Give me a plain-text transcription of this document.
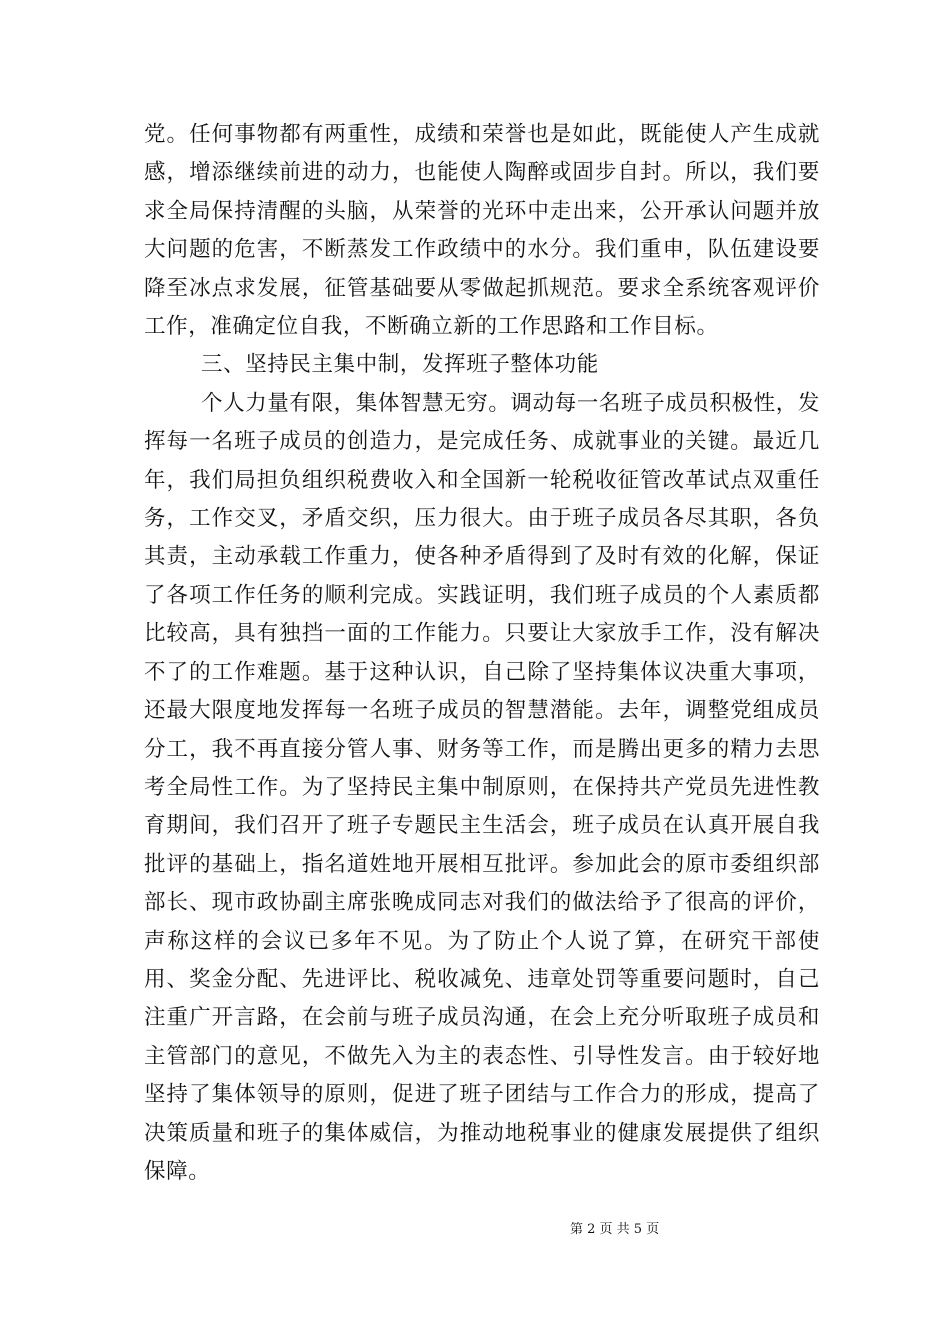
党。任何事物都有两重性，成绩和荣誉也是如此，既能使人产生成就感，增添继续前进的动力，也能使人陶醉或固步自封。所以，我们要求全局保持清醒的头脑，从荣誉的光环中走出来，公开承认问题并放大问题的危害，不断蒸发工作政绩中的水分。我们重申，队伍建设要降至冰点求发展，征管基础要从零做起抓规范。要求全系统客观评价工作，准确定位自我，不断确立新的工作思路和工作目标。

三、坚持民主集中制，发挥班子整体功能

个人力量有限，集体智慧无穷。调动每一名班子成员积极性，发挥每一名班子成员的创造力，是完成任务、成就事业的关键。最近几年，我们局担负组织税费收入和全国新一轮税收征管改革试点双重任务，工作交叉，矛盾交织，压力很大。由于班子成员各尽其职，各负其责，主动承载工作重力，使各种矛盾得到了及时有效的化解，保证了各项工作任务的顺利完成。实践证明，我们班子成员的个人素质都比较高，具有独挡一面的工作能力。只要让大家放手工作，没有解决不了的工作难题。基于这种认识，自己除了坚持集体议决重大事项，还最大限度地发挥每一名班子成员的智慧潜能。去年，调整党组成员分工，我不再直接分管人事、财务等工作，而是腾出更多的精力去思考全局性工作。为了坚持民主集中制原则，在保持共产党员先进性教育期间，我们召开了班子专题民主生活会，班子成员在认真开展自我批评的基础上，指名道姓地开展相互批评。参加此会的原市委组织部部长、现市政协副主席张晚成同志对我们的做法给予了很高的评价，声称这样的会议已多年不见。为了防止个人说了算，在研究干部使用、奖金分配、先进评比、税收减免、违章处罚等重要问题时，自己注重广开言路，在会前与班子成员沟通，在会上充分听取班子成员和主管部门的意见，不做先入为主的表态性、引导性发言。由于较好地坚持了集体领导的原则，促进了班子团结与工作合力的形成，提高了决策质量和班子的集体威信，为推动地税事业的健康发展提供了组织保障。

第 2 页 共 5 页
